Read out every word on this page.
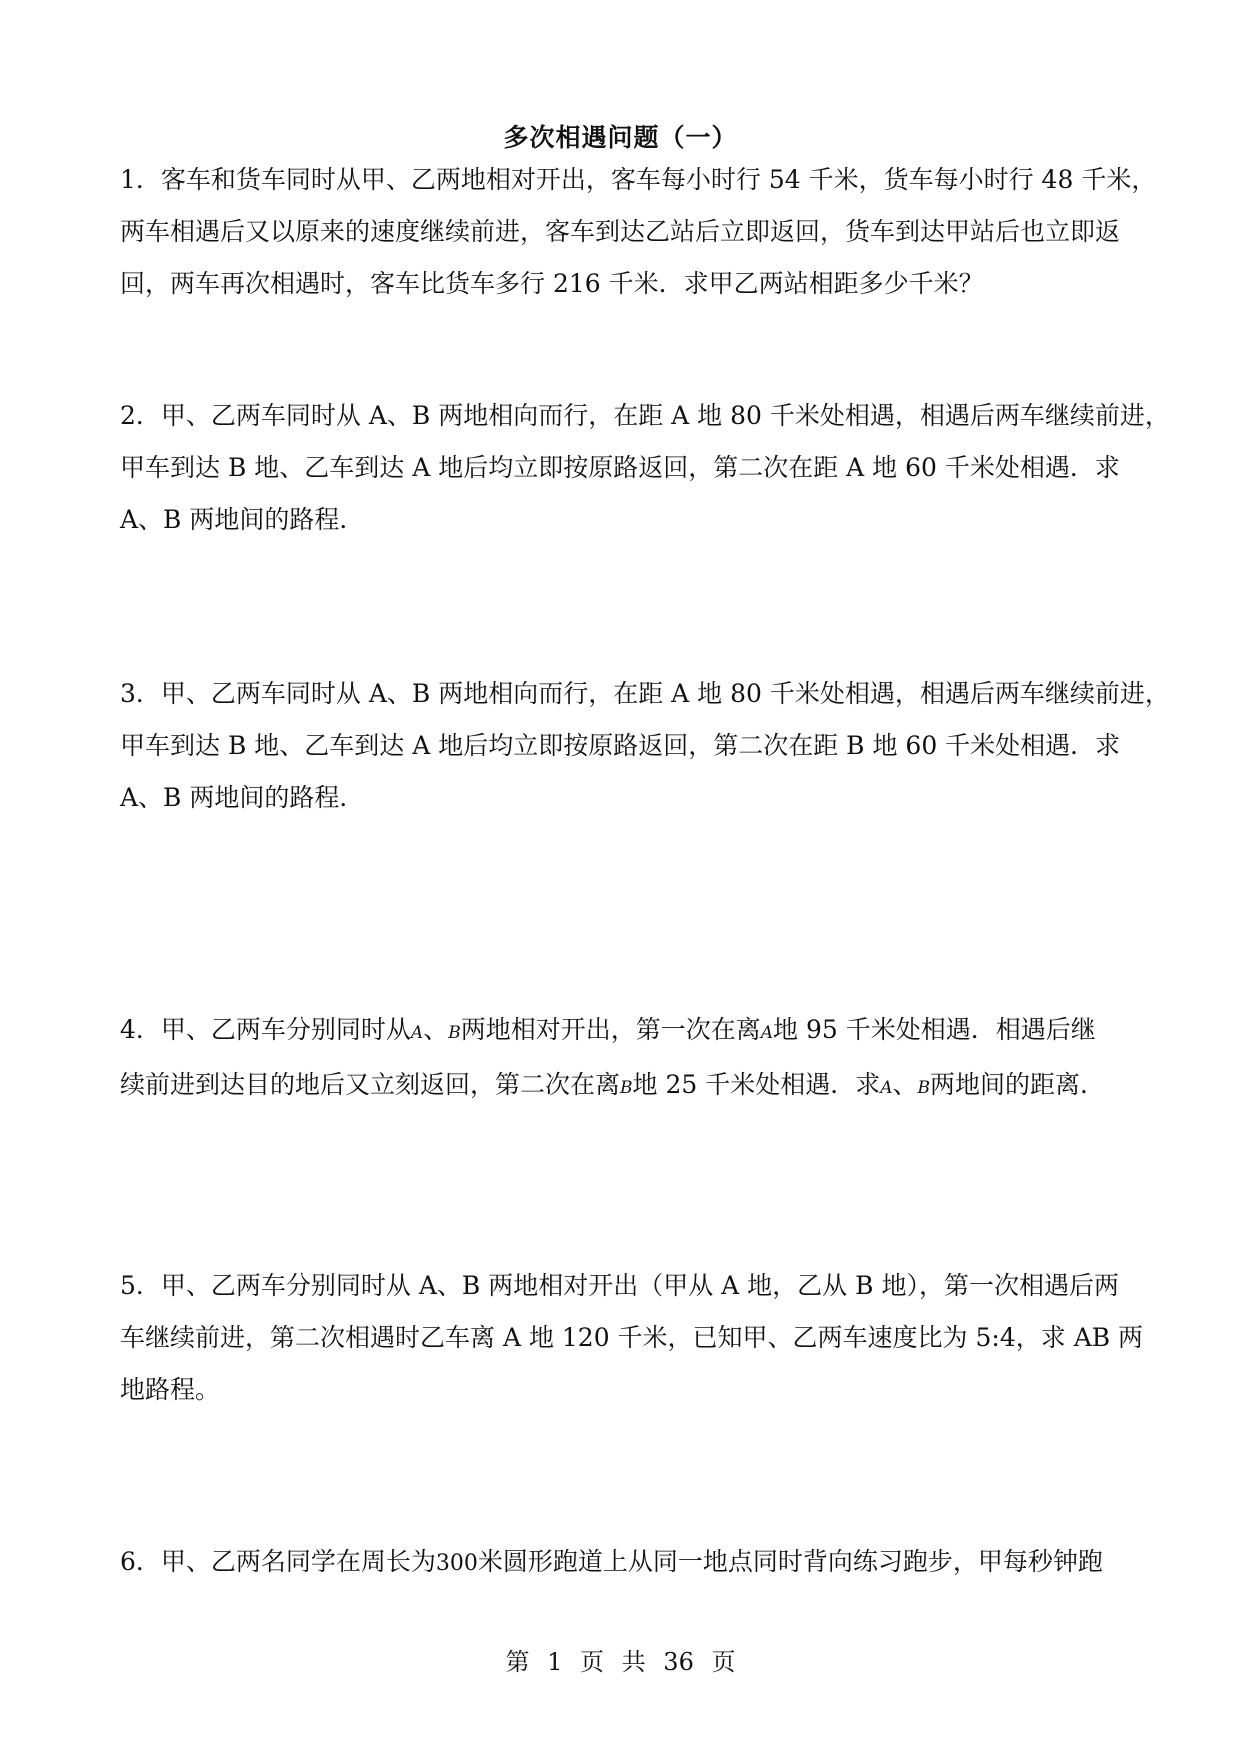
多次相遇问题（一）

1．客车和货车同时从甲、乙两地相对开出，客车每小时行 54 千米，货车每小时行 48 千米，
两车相遇后又以原来的速度继续前进，客车到达乙站后立即返回，货车到达甲站后也立即返
回，两车再次相遇时，客车比货车多行 216 千米．求甲乙两站相距多少千米？

2．甲、乙两车同时从 A、B 两地相向而行，在距 A 地 80 千米处相遇，相遇后两车继续前进，
甲车到达 B 地、乙车到达 A 地后均立即按原路返回，第二次在距 A 地 60 千米处相遇．求
A、B 两地间的路程．

3．甲、乙两车同时从 A、B 两地相向而行，在距 A 地 80 千米处相遇，相遇后两车继续前进，
甲车到达 B 地、乙车到达 A 地后均立即按原路返回，第二次在距 B 地 60 千米处相遇．求
A、B 两地间的路程．

4．甲、乙两车分别同时从A、B两地相对开出，第一次在离A地 95 千米处相遇．相遇后继
续前进到达目的地后又立刻返回，第二次在离B地 25 千米处相遇．求A、B两地间的距离．

5．甲、乙两车分别同时从 A、B 两地相对开出（甲从 A 地，乙从 B 地），第一次相遇后两
车继续前进，第二次相遇时乙车离 A 地 120 千米，已知甲、乙两车速度比为 5:4，求 AB 两
地路程。

6．甲、乙两名同学在周长为300米圆形跑道上从同一地点同时背向练习跑步，甲每秒钟跑

第 1 页 共 36 页
